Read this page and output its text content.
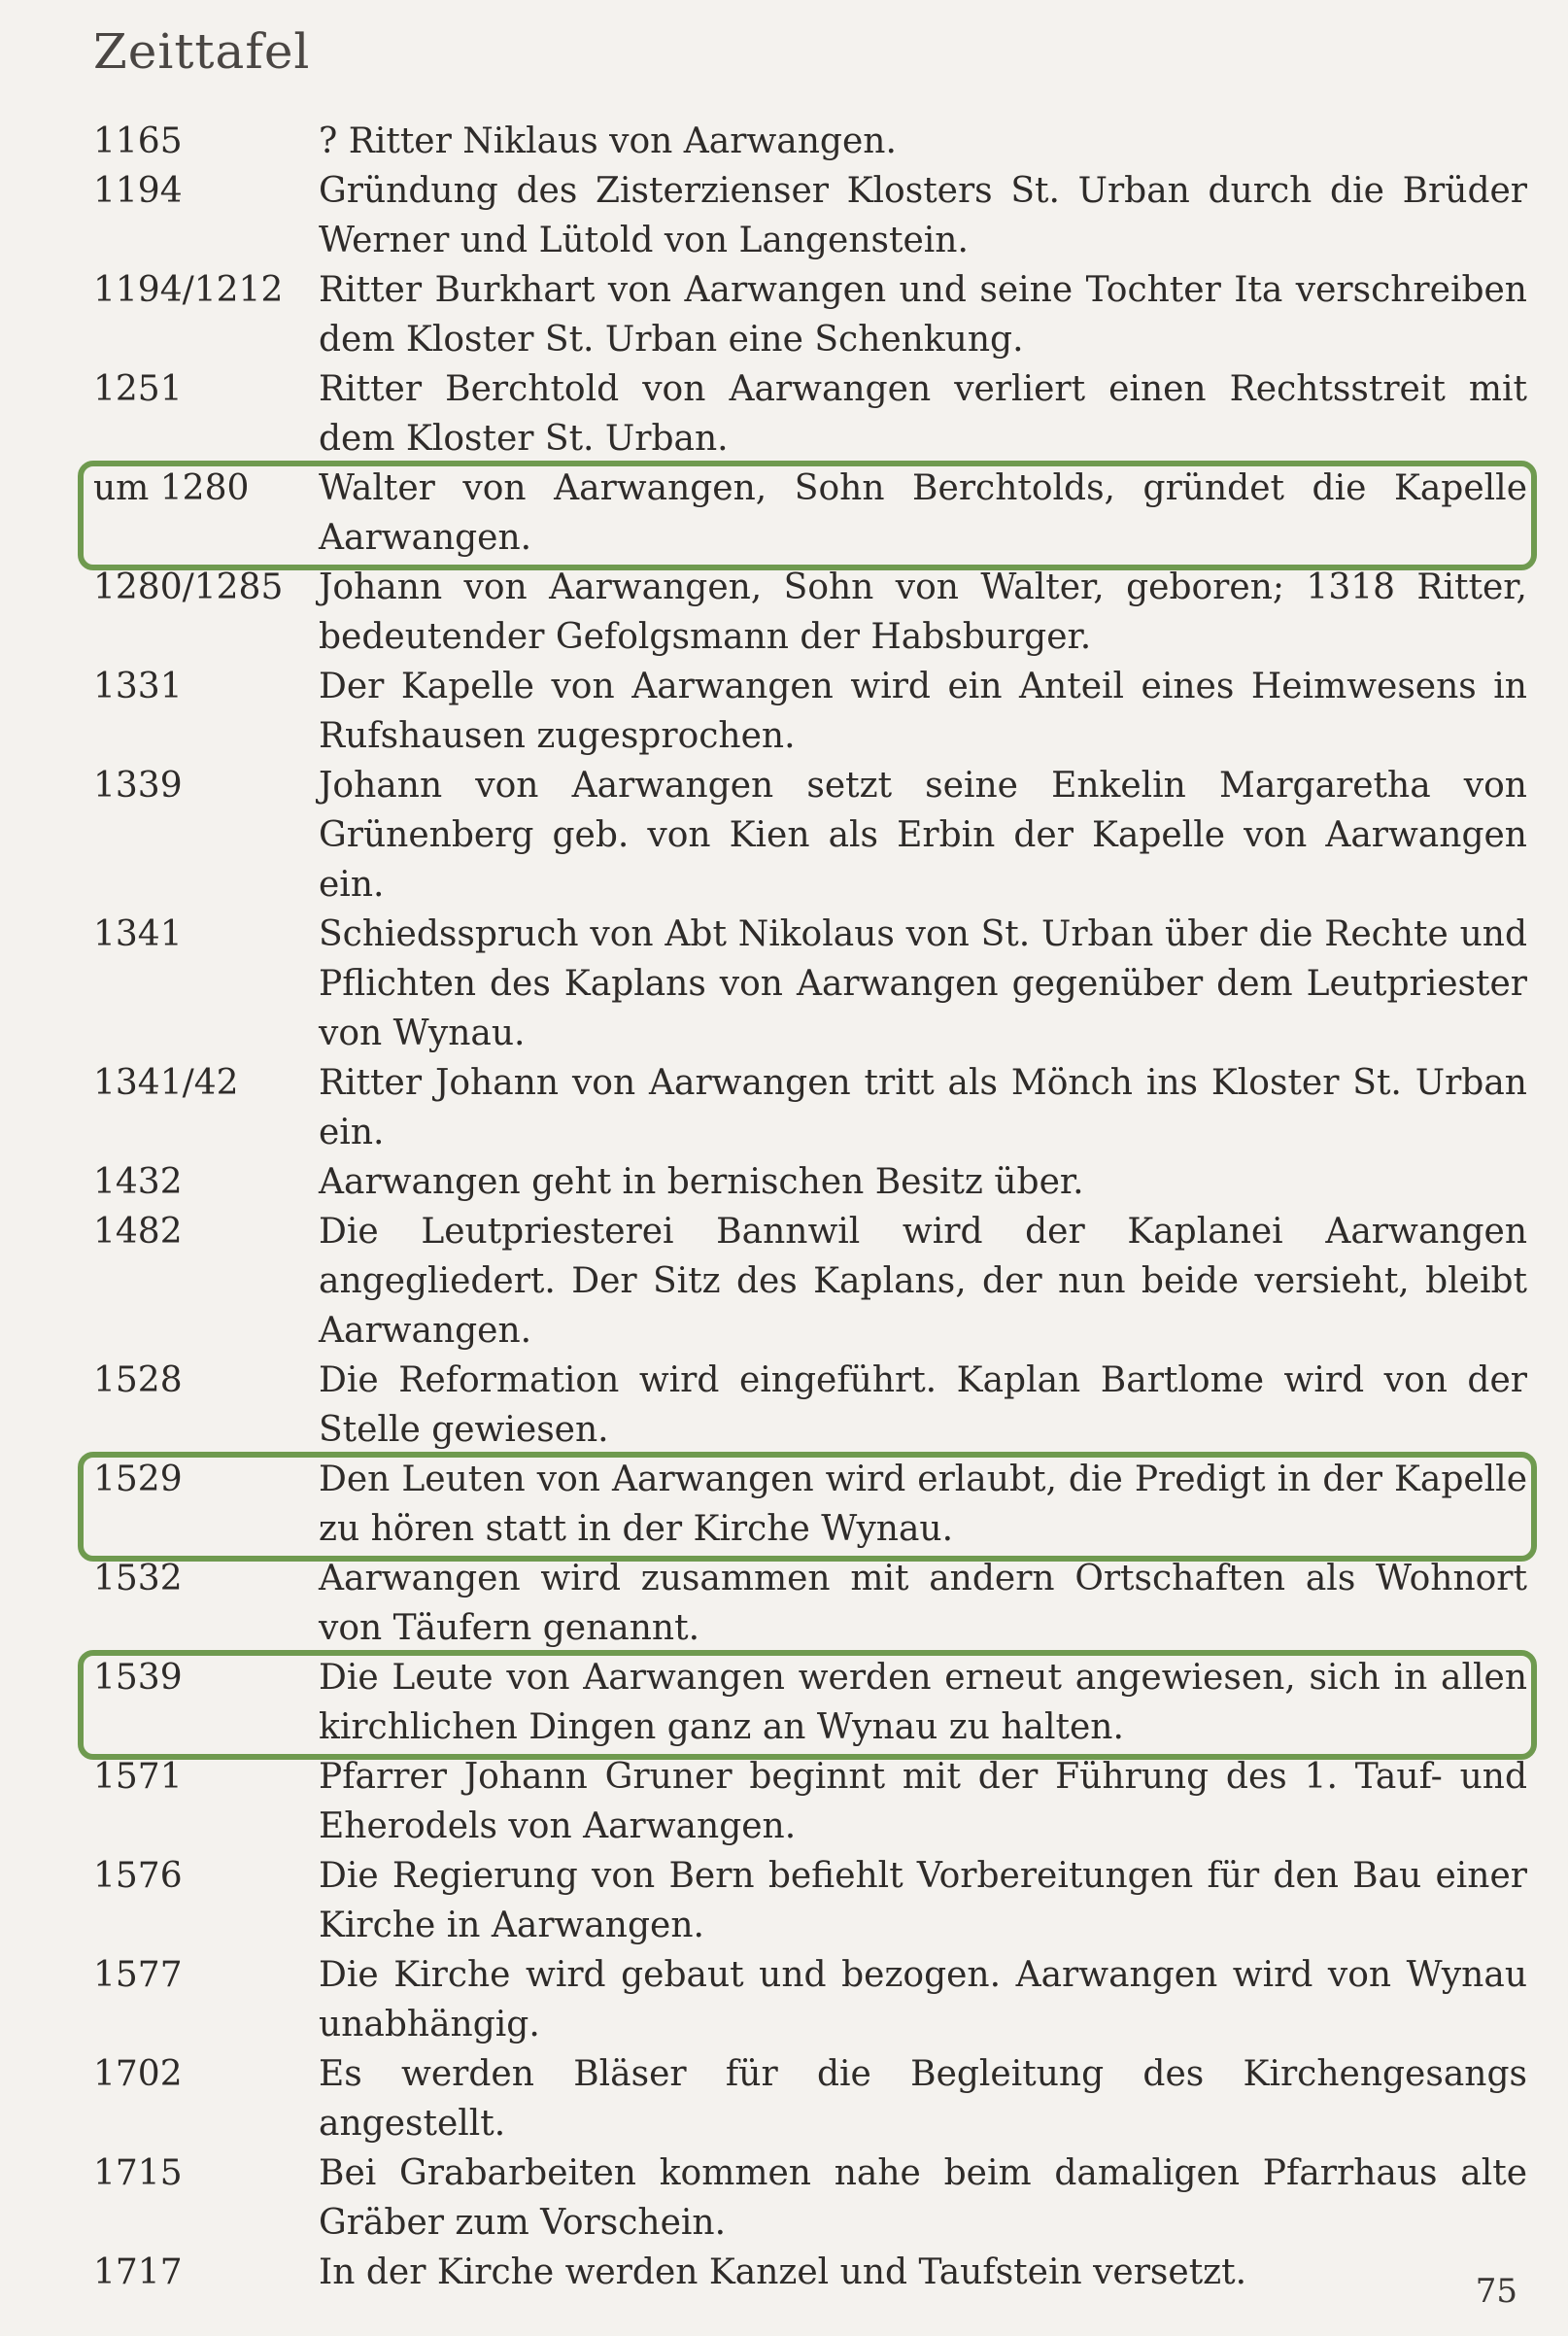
Zeittafel
1165	? Ritter Niklaus von Aarwangen.
1194	Gründung des Zisterzienser Klosters St. Urban durch die Brüder Werner und Lütold von Langenstein.
1194/1212	Ritter Burkhart von Aarwangen und seine Tochter Ita verschreiben dem Kloster St. Urban eine Schenkung.
1251	Ritter Berchtold von Aarwangen verliert einen Rechtsstreit mit dem Kloster St. Urban.
um 1280	Walter von Aarwangen, Sohn Berchtolds, gründet die Kapelle Aarwangen.
1280/1285	Johann von Aarwangen, Sohn von Walter, geboren; 1318 Ritter, bedeutender Gefolgsmann der Habsburger.
1331	Der Kapelle von Aarwangen wird ein Anteil eines Heimwesens in Rufshausen zugesprochen.
1339	Johann von Aarwangen setzt seine Enkelin Margaretha von Grünenberg geb. von Kien als Erbin der Kapelle von Aarwangen ein.
1341	Schiedsspruch von Abt Nikolaus von St. Urban über die Rechte und Pflichten des Kaplans von Aarwangen gegenüber dem Leutpriester von Wynau.
1341/42	Ritter Johann von Aarwangen tritt als Mönch ins Kloster St. Urban ein.
1432	Aarwangen geht in bernischen Besitz über.
1482	Die Leutpriesterei Bannwil wird der Kaplanei Aarwangen angegliedert. Der Sitz des Kaplans, der nun beide versieht, bleibt Aarwangen.
1528	Die Reformation wird eingeführt. Kaplan Bartlome wird von der Stelle gewiesen.
1529	Den Leuten von Aarwangen wird erlaubt, die Predigt in der Kapelle zu hören statt in der Kirche Wynau.
1532	Aarwangen wird zusammen mit andern Ortschaften als Wohnort von Täufern genannt.
1539	Die Leute von Aarwangen werden erneut angewiesen, sich in allen kirchlichen Dingen ganz an Wynau zu halten.
1571	Pfarrer Johann Gruner beginnt mit der Führung des 1. Tauf- und Eherodels von Aarwangen.
1576	Die Regierung von Bern befiehlt Vorbereitungen für den Bau einer Kirche in Aarwangen.
1577	Die Kirche wird gebaut und bezogen. Aarwangen wird von Wynau unabhängig.
1702	Es werden Bläser für die Begleitung des Kirchengesangs angestellt.
1715	Bei Grabarbeiten kommen nahe beim damaligen Pfarrhaus alte Gräber zum Vorschein.
1717	In der Kirche werden Kanzel und Taufstein versetzt.	75
